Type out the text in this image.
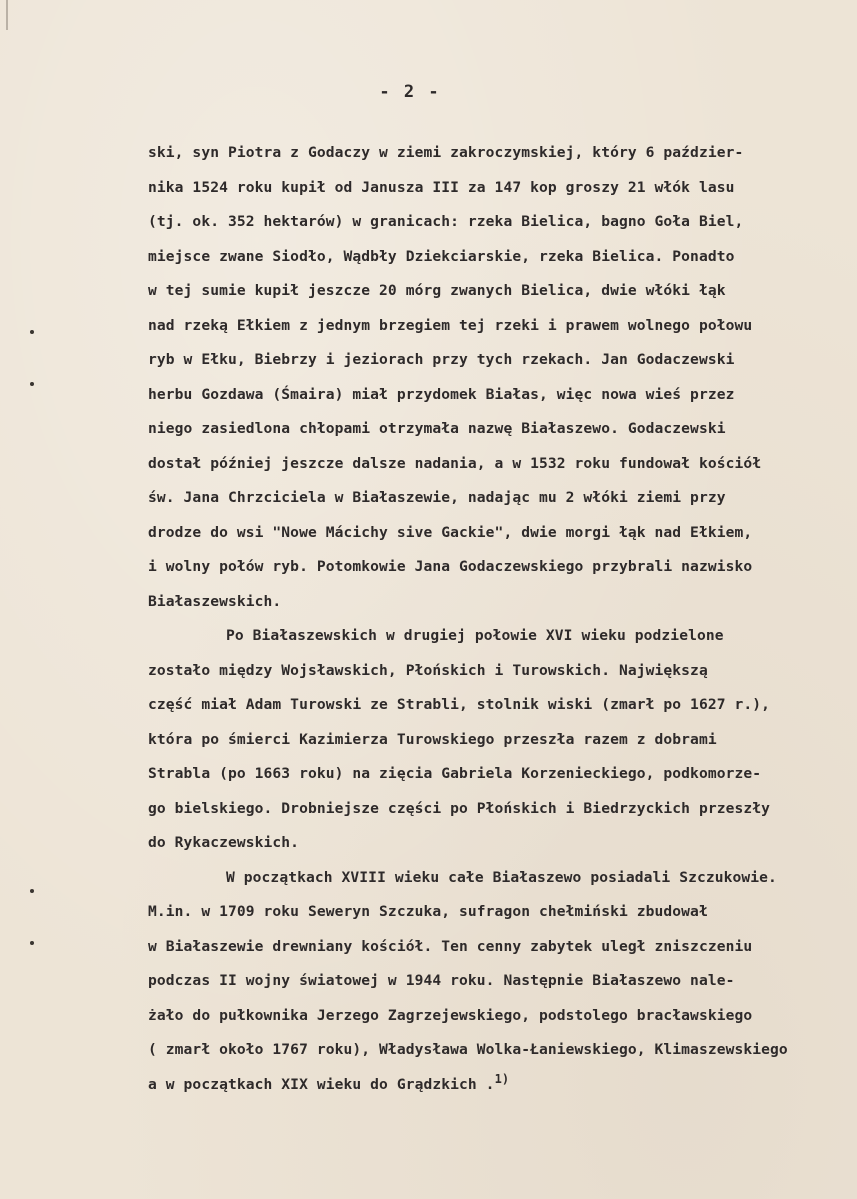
- 2 -
ski, syn Piotra z Godaczy w ziemi zakroczymskiej, który 6 paździer-
nika 1524 roku kupił od Janusza III za 147 kop groszy 21 włók lasu
(tj. ok. 352 hektarów) w granicach: rzeka Bielica, bagno Goła Biel,
miejsce zwane Siodło, Wądbły Dziekciarskie, rzeka Bielica. Ponadto
w tej sumie kupił jeszcze 20 mórg zwanych Bielica, dwie włóki łąk
nad rzeką Ełkiem z jednym brzegiem tej rzeki i prawem wolnego połowu
ryb w Ełku, Biebrzy i jeziorach przy tych rzekach. Jan Godaczewski
herbu Gozdawa (Śmaira) miał przydomek Białas, więc nowa wieś przez
niego zasiedlona chłopami otrzymała nazwę Białaszewo. Godaczewski
dostał później jeszcze dalsze nadania, a w 1532 roku fundował kościół
św. Jana Chrzciciela w Białaszewie, nadając mu 2 włóki ziemi przy
drodze do wsi "Nowe Mácichy sive Gackie", dwie morgi łąk nad Ełkiem,
i wolny połów ryb. Potomkowie Jana Godaczewskiego przybrali nazwisko
Białaszewskich.
Po Białaszewskich w drugiej połowie XVI wieku podzielone
zostało między Wojsławskich, Płońskich i Turowskich. Największą
część miał Adam Turowski ze Strabli, stolnik wiski (zmarł po 1627 r.),
która po śmierci Kazimierza Turowskiego przeszła razem z dobrami
Strabla (po 1663 roku) na zięcia Gabriela Korzenieckiego, podkomorze-
go bielskiego. Drobniejsze części po Płońskich i Biedrzyckich przeszły
do Rykaczewskich.
W początkach XVIII wieku całe Białaszewo posiadali Szczukowie.
M.in. w 1709 roku Seweryn Szczuka, sufragon chełmiński zbudował
w Białaszewie drewniany kościół. Ten cenny zabytek uległ zniszczeniu
podczas II wojny światowej w 1944 roku. Następnie Białaszewo nale-
żało do pułkownika Jerzego Zagrzejewskiego, podstolego bracławskiego
( zmarł około 1767 roku), Władysława Wolka-Łaniewskiego, Klimaszewskiego
a w początkach XIX wieku do Grądzkich .$^{1)}$
